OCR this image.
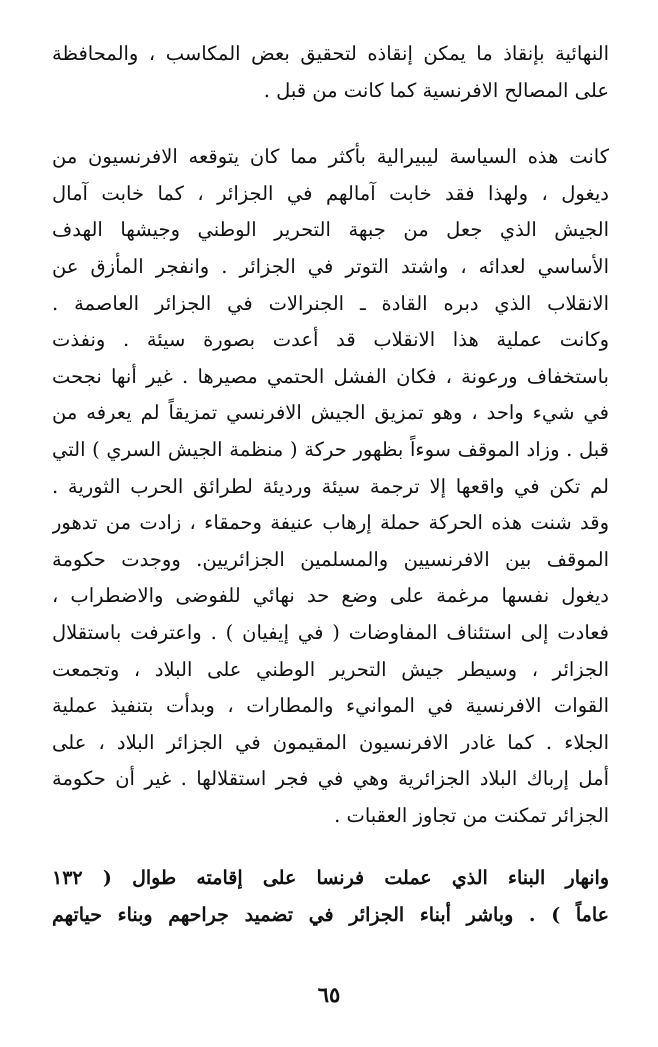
النهائية بإنقاذ ما يمكن إنقاذه لتحقيق بعض المكاسب ، والمحافظة
على المصالح الافرنسية كما كانت من قبل .
كانت هذه السياسة ليبيرالية بأكثر مما كان يتوقعه الافرنسيون من
ديغول ، ولهذا فقد خابت آمالهم في الجزائر ، كما خابت آمال
الجيش الذي جعل من جبهة التحرير الوطني وجيشها الهدف
الأساسي لعدائه ، واشتد التوتر في الجزائر . وانفجر المأزق عن
الانقلاب الذي دبره القادة ـ الجنرالات في الجزائر العاصمة .
وكانت عملية هذا الانقلاب قد أعدت بصورة سيئة . ونفذت
باستخفاف ورعونة ، فكان الفشل الحتمي مصيرها . غير أنها نجحت
في شيء واحد ، وهو تمزيق الجيش الافرنسي تمزيقاً لم يعرفه من
قبل . وزاد الموقف سوءاً بظهور حركة ( منظمة الجيش السري ) التي
لم تكن في واقعها إلا ترجمة سيئة ورديئة لطرائق الحرب الثورية .
وقد شنت هذه الحركة حملة إرهاب عنيفة وحمقاء ، زادت من تدهور
الموقف بين الافرنسيين والمسلمين الجزائريين. ووجدت حكومة
ديغول نفسها مرغمة على وضع حد نهائي للفوضى والاضطراب ،
فعادت إلى استئناف المفاوضات ( في إيفيان ) . واعترفت باستقلال
الجزائر ، وسيطر جيش التحرير الوطني على البلاد ، وتجمعت
القوات الافرنسية في الموانيء والمطارات ، وبدأت بتنفيذ عملية
الجلاء . كما غادر الافرنسيون المقيمون في الجزائر البلاد ، على
أمل إرباك البلاد الجزائرية وهي في فجر استقلالها . غير أن حكومة
الجزائر تمكنت من تجاوز العقبات .
وانهار البناء الذي عملت فرنسا على إقامته طوال ( ١٣٢
عاماً ) . وباشر أبناء الجزائر في تضميد جراحهم وبناء حياتهم
٦٥
